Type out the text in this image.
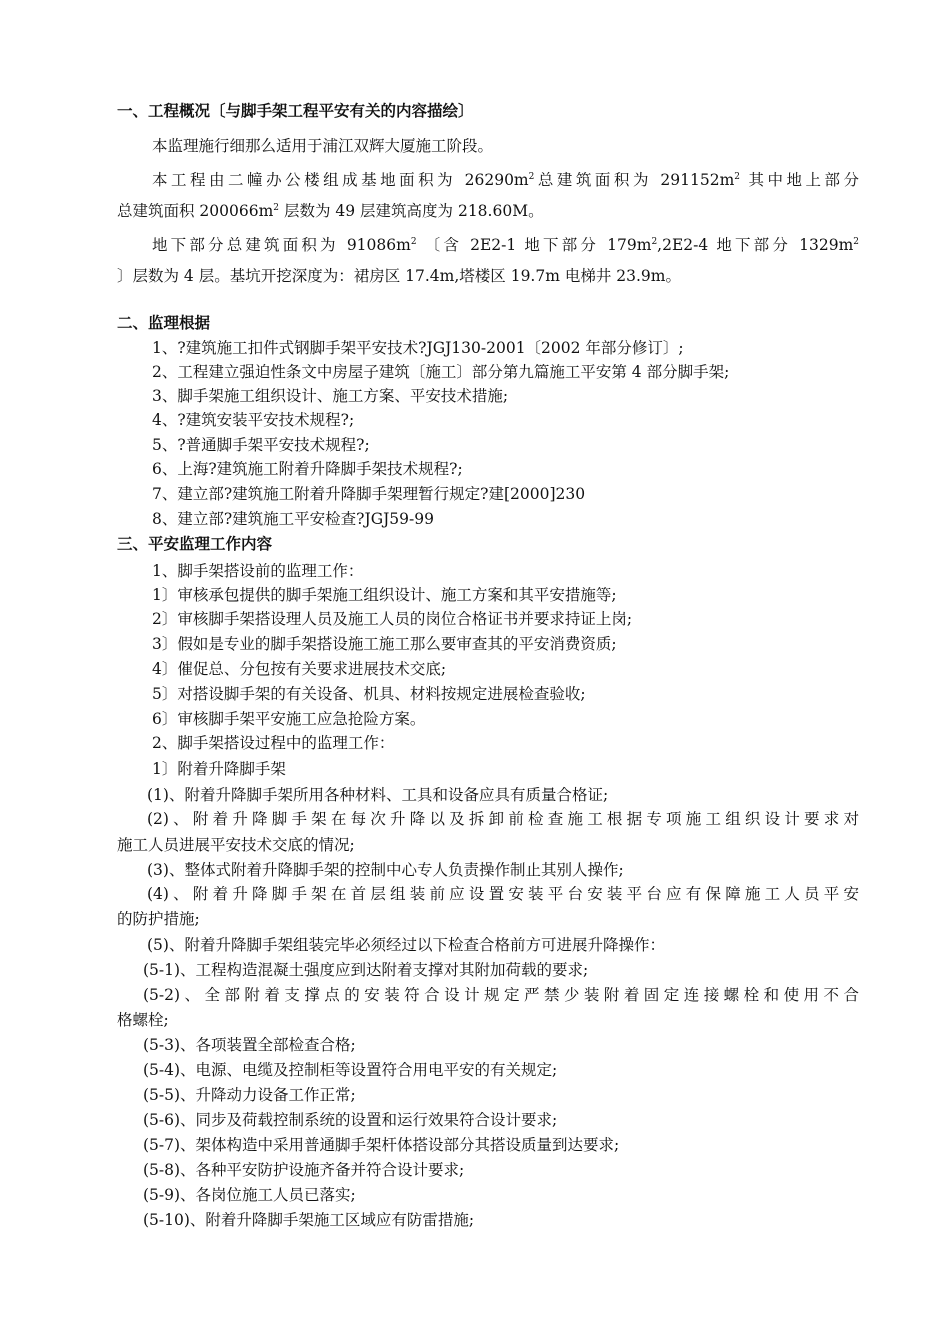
一、工程概况〔与脚手架工程平安有关的内容描绘〕
本监理施行细那么适用于浦江双辉大厦施工阶段。
本工程由二幢办公楼组成基地面积为 $26290m^2$总建筑面积为 $291152m^2$ 其中地上部分
总建筑面积 $200066m^2$ 层数为 49 层建筑高度为 218.60M。
地下部分总建筑面积为 $91086m^2$ 〔含 2E2-1 地下部分 $179m^2,2E2-4$ 地下部分 $1329m^2$
〕层数为 4 层。基坑开挖深度为：裙房区 17.4m,塔楼区 19.7m 电梯井 23.9m。
二、监理根据
1、?建筑施工扣件式钢脚手架平安技术?JGJ130-2001〔2002 年部分修订〕;
2、工程建立强迫性条文中房屋子建筑〔施工〕部分第九篇施工平安第 4 部分脚手架;
3、脚手架施工组织设计、施工方案、平安技术措施;
4、?建筑安装平安技术规程?;
5、?普通脚手架平安技术规程?;
6、上海?建筑施工附着升降脚手架技术规程?;
7、建立部?建筑施工附着升降脚手架理暂行规定?建[2000]230
8、建立部?建筑施工平安检查?JGJ59-99
三、平安监理工作内容
1、脚手架搭设前的监理工作：
1〕审核承包提供的脚手架施工组织设计、施工方案和其平安措施等;
2〕审核脚手架搭设理人员及施工人员的岗位合格证书并要求持证上岗;
3〕假如是专业的脚手架搭设施工施工那么要审查其的平安消费资质;
4〕催促总、分包按有关要求进展技术交底;
5〕对搭设脚手架的有关设备、机具、材料按规定进展检查验收;
6〕审核脚手架平安施工应急抢险方案。
2、脚手架搭设过程中的监理工作：
1〕附着升降脚手架
(1)、附着升降脚手架所用各种材料、工具和设备应具有质量合格证;
(2)、附着升降脚手架在每次升降以及拆卸前检查施工根据专项施工组织设计要求对
施工人员进展平安技术交底的情况;
(3)、整体式附着升降脚手架的控制中心专人负责操作制止其别人操作;
(4)、附着升降脚手架在首层组装前应设置安装平台安装平台应有保障施工人员平安
的防护措施;
(5)、附着升降脚手架组装完毕必须经过以下检查合格前方可进展升降操作：
(5-1)、工程构造混凝土强度应到达附着支撑对其附加荷载的要求;
(5-2)、全部附着支撑点的安装符合设计规定严禁少装附着固定连接螺栓和使用不合
格螺栓;
(5-3)、各项装置全部检查合格;
(5-4)、电源、电缆及控制柜等设置符合用电平安的有关规定;
(5-5)、升降动力设备工作正常;
(5-6)、同步及荷载控制系统的设置和运行效果符合设计要求;
(5-7)、架体构造中采用普通脚手架杆体搭设部分其搭设质量到达要求;
(5-8)、各种平安防护设施齐备并符合设计要求;
(5-9)、各岗位施工人员已落实;
(5-10)、附着升降脚手架施工区域应有防雷措施;
